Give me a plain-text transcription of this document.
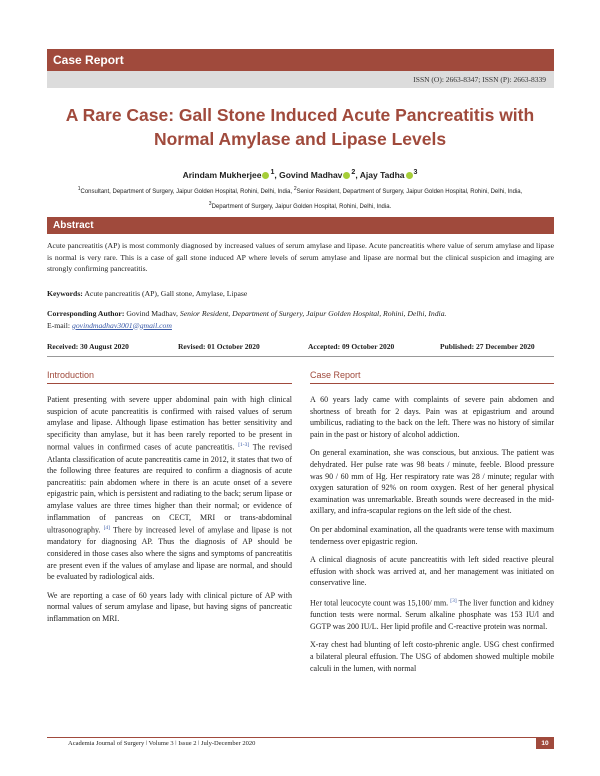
Case Report
ISSN (O): 2663-8347; ISSN (P): 2663-8339
A Rare Case: Gall Stone Induced Acute Pancreatitis with Normal Amylase and Lipase Levels
Arindam Mukherjee $^1$, Govind Madhav $^2$, Ajay Tadha $^3$
$^1$Consultant, Department of Surgery, Jaipur Golden Hospital, Rohini, Delhi, India, $^2$Senior Resident, Department of Surgery, Jaipur Golden Hospital, Rohini, Delhi, India,
$^3$Department of Surgery, Jaipur Golden Hospital, Rohini, Delhi, India.
Abstract

Acute pancreatitis (AP) is most commonly diagnosed by increased values of serum amylase and lipase. Acute pancreatitis where value of serum amylase and lipase is normal is very rare. This is a case of gall stone induced AP where levels of serum amylase and lipase are normal but the clinical suspicion and imaging are strongly confirming pancreatitis.

Keywords: Acute pancreatitis (AP), Gall stone, Amylase, Lipase

Corresponding Author: Govind Madhav, Senior Resident, Department of Surgery, Jaipur Golden Hospital, Rohini, Delhi, India.
E-mail: govindmadhav3001@gmail.com

Received: 30 August 2020	Revised: 01 October 2020	Accepted: 09 October 2020	Published: 27 December 2020
Introduction

Patient presenting with severe upper abdominal pain with high clinical suspicion of acute pancreatitis is confirmed with raised values of serum amylase and lipase. Although lipase estimation has better sensitivity and specificity than amylase, but it has been rarely reported to be present in normal values in confirmed cases of acute pancreatitis. [1-3] The revised Atlanta classification of acute pancreatitis came in 2012, it states that two of the following three features are required to confirm a diagnosis of acute pancreatitis: pain abdomen where in there is an acute onset of a severe epigastric pain, which is persistent and radiating to the back; serum lipase or amylase values are three times higher than their normal; or evidence of inflammation of pancreas on CECT, MRI or trans-abdominal ultrasonography. [4] There by increased level of amylase and lipase is not mandatory for diagnosing AP. Thus the diagnosis of AP should be considered in those cases also where the signs and symptoms of pancreatitis are present even if the values of amylase and lipase are normal, and should be evaluated by radiological aids.

We are reporting a case of 60 years lady with clinical picture of AP with normal values of serum amylase and lipase, but having signs of pancreatic inflammation on MRI.

Case Report

A 60 years lady came with complaints of severe pain abdomen and shortness of breath for 2 days. Pain was at epigastrium and around umbilicus, radiating to the back on the left. There was no history of similar pain in the past or history of alcohol addiction.

On general examination, she was conscious, but anxious. The patient was dehydrated. Her pulse rate was 98 beats / minute, feeble. Blood pressure was 90 / 60 mm of Hg. Her respiratory rate was 28 / minute; regular with oxygen saturation of 92% on room oxygen. Rest of her general physical examination was unremarkable. Breath sounds were decreased in the mid-axillary, and infra-scapular regions on the left side of the chest.

On per abdominal examination, all the quadrants were tense with maximum tenderness over epigastric region.

A clinical diagnosis of acute pancreatitis with left sided reactive pleural effusion with shock was arrived at, and her management was initiated on conservative line.

Her total leucocyte count was 15,100/ mm. [3] The liver function and kidney function tests were normal. Serum alkaline phosphate was 153 IU/l and GGTP was 200 IU/L. Her lipid profile and C-reactive protein was normal.

X-ray chest had blunting of left costo-phrenic angle. USG chest confirmed a bilateral pleural effusion. The USG of abdomen showed multiple mobile calculi in the lumen, with normal

Academia Journal of Surgery ǀ Volume 3 ǀ Issue 2 ǀ July-December 2020	10
